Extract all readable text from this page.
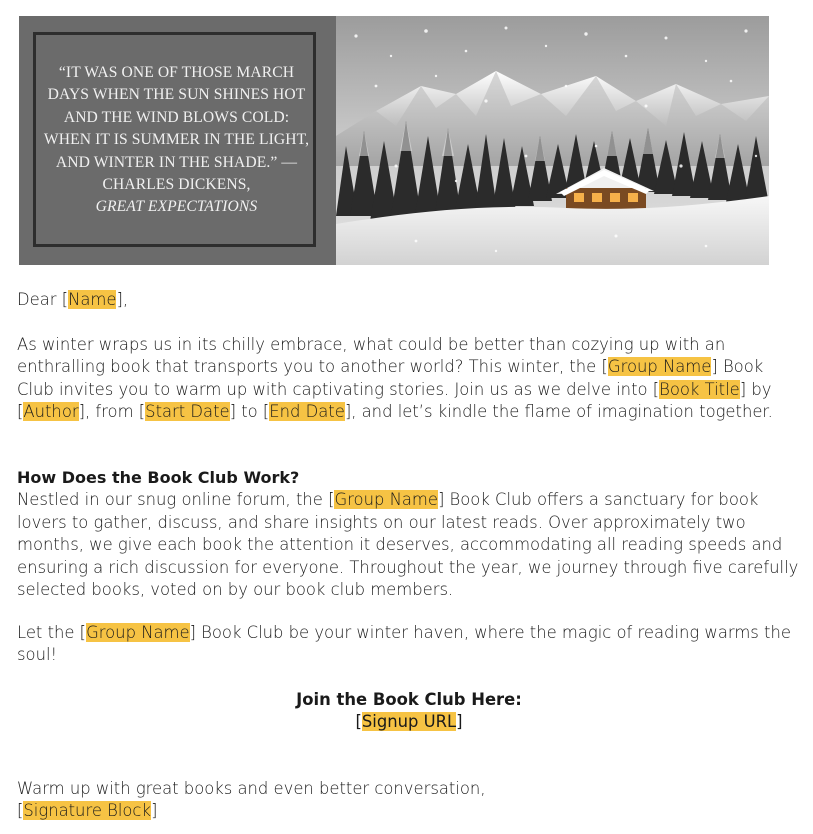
“IT WAS ONE OF THOSE MARCH DAYS WHEN THE SUN SHINES HOT AND THE WIND BLOWS COLD: WHEN IT IS SUMMER IN THE LIGHT, AND WINTER IN THE SHADE.” —CHARLES DICKENS,
GREAT EXPECTATIONS
Dear [Name],
As winter wraps us in its chilly embrace, what could be better than cozying up with an enthralling book that transports you to another world? This winter, the [Group Name] Book Club invites you to warm up with captivating stories. Join us as we delve into [Book Title] by [Author], from [Start Date] to [End Date], and let’s kindle the flame of imagination together.
How Does the Book Club Work?
Nestled in our snug online forum, the [Group Name] Book Club offers a sanctuary for book lovers to gather, discuss, and share insights on our latest reads. Over approximately two months, we give each book the attention it deserves, accommodating all reading speeds and ensuring a rich discussion for everyone. Throughout the year, we journey through five carefully selected books, voted on by our book club members.
Let the [Group Name] Book Club be your winter haven, where the magic of reading warms the soul!
Join the Book Club Here:
[Signup URL]
Warm up with great books and even better conversation,
[Signature Block]
